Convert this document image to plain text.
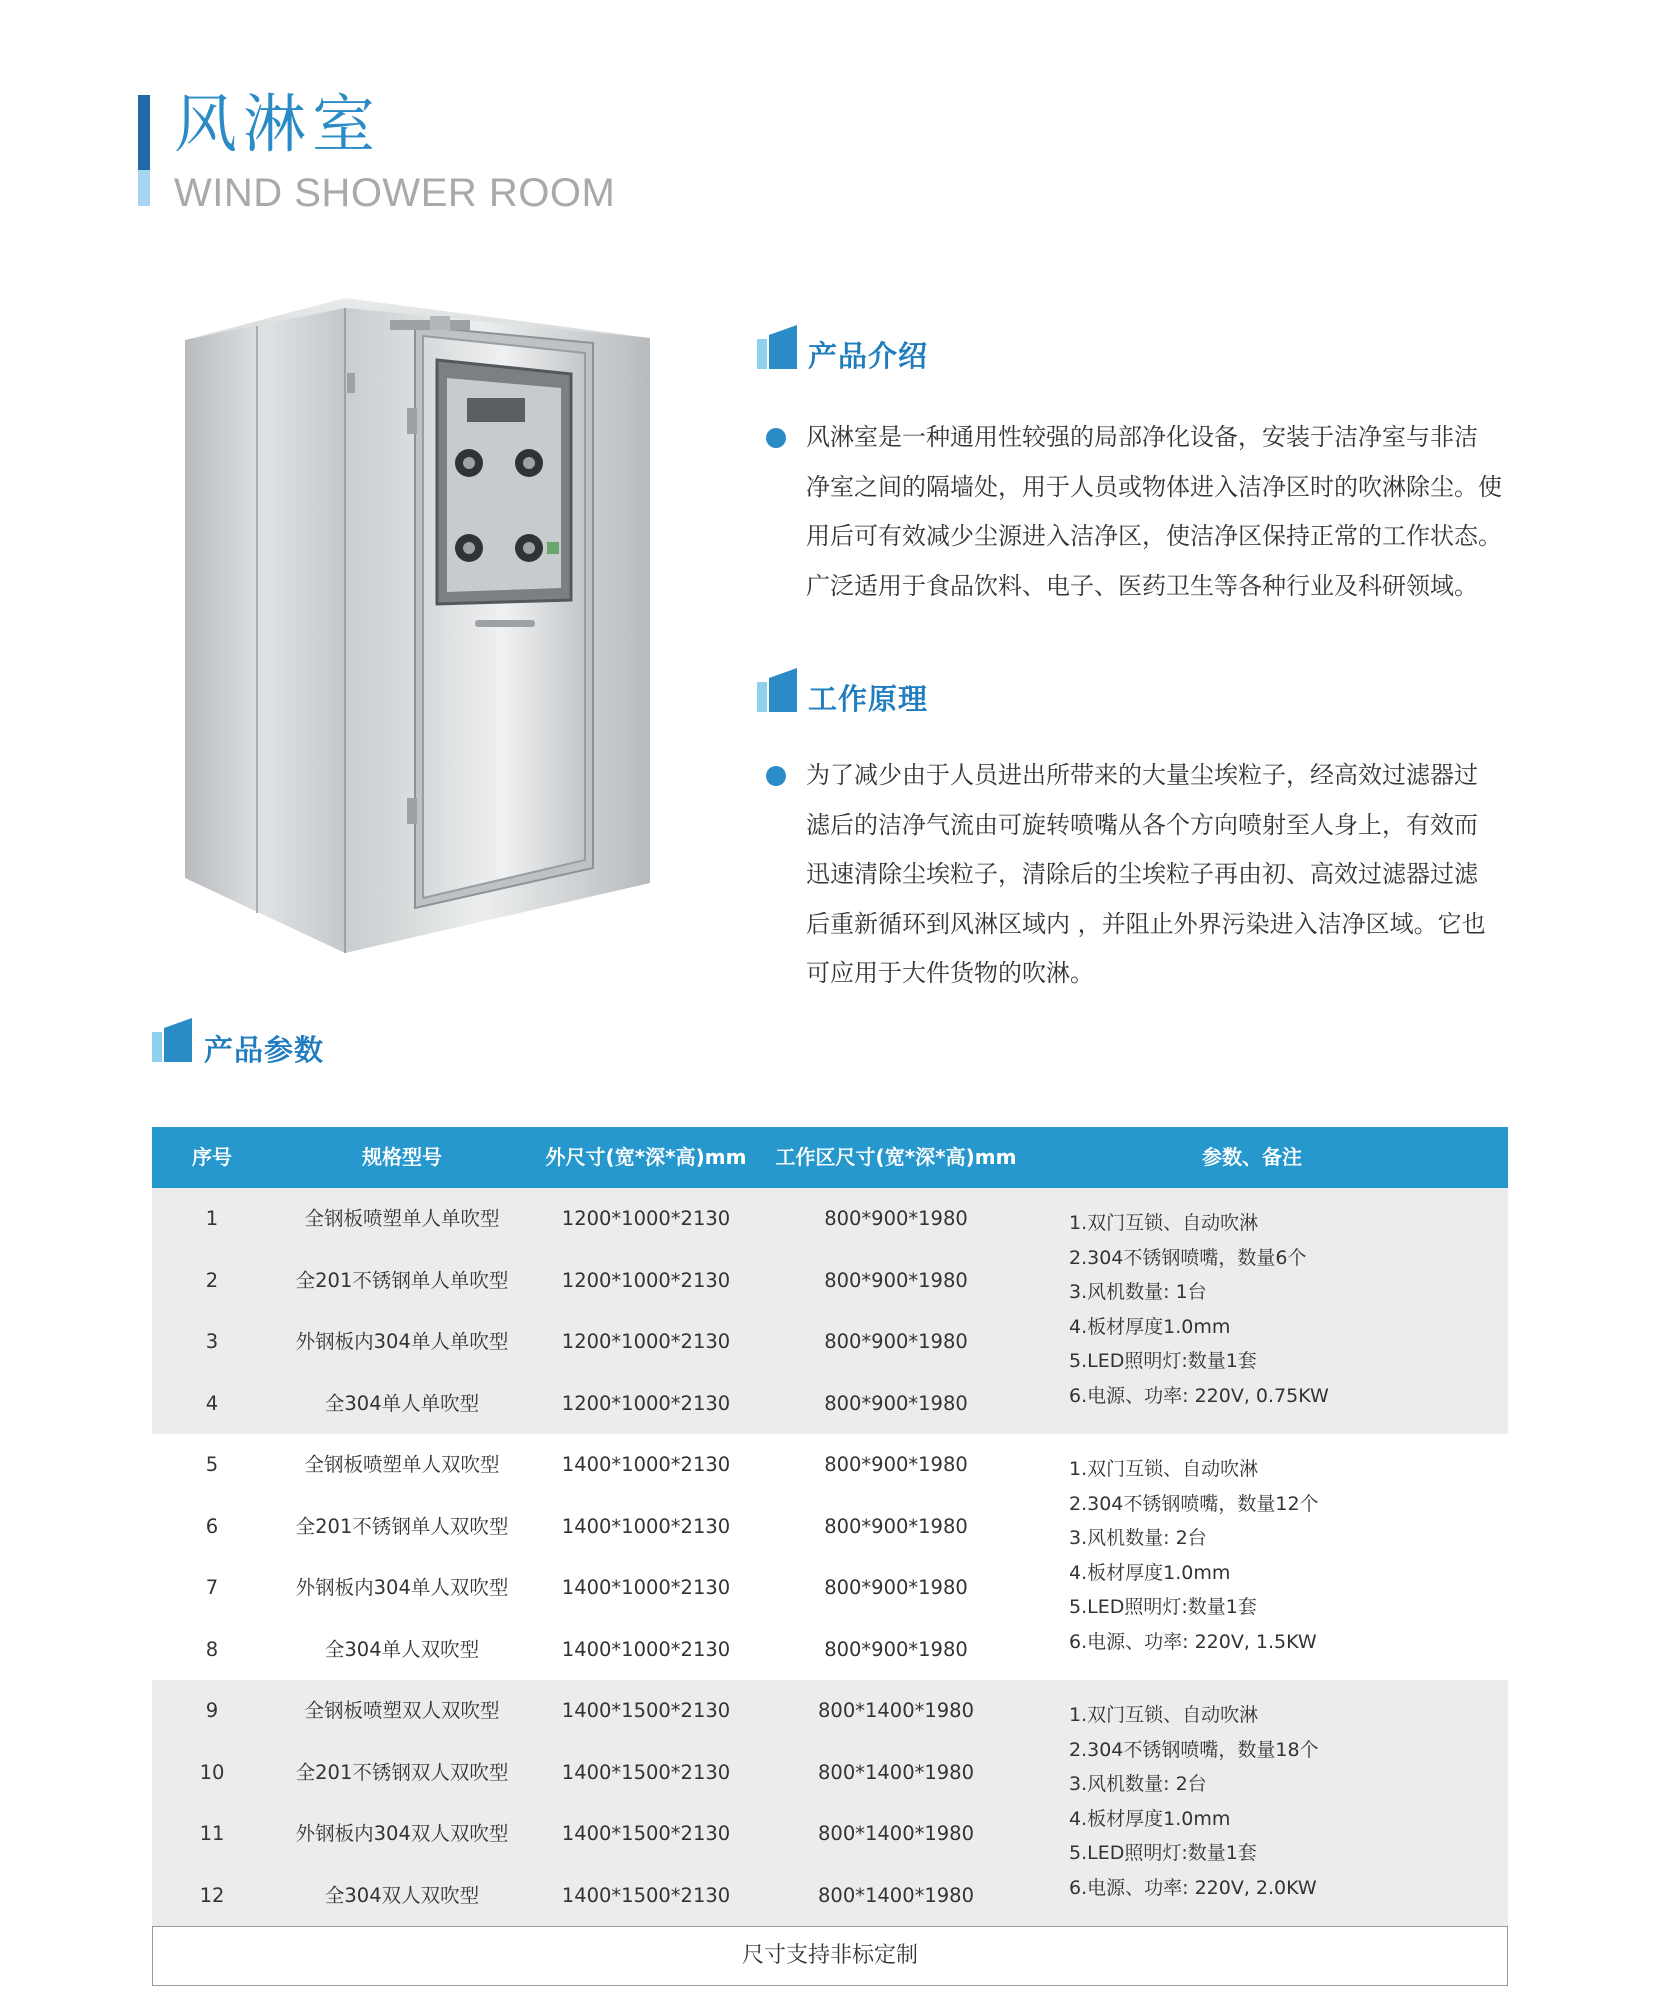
风淋室
WIND SHOWER ROOM
产品介绍
风淋室是一种通用性较强的局部净化设备，安装于洁净室与非洁
净室之间的隔墙处，用于人员或物体进入洁净区时的吹淋除尘。使
用后可有效减少尘源进入洁净区，使洁净区保持正常的工作状态。
广泛适用于食品饮料、电子、医药卫生等各种行业及科研领域。
工作原理
为了减少由于人员进出所带来的大量尘埃粒子，经高效过滤器过
滤后的洁净气流由可旋转喷嘴从各个方向喷射至人身上，有效而
迅速清除尘埃粒子，清除后的尘埃粒子再由初、高效过滤器过滤
后重新循环到风淋区域内 ，并阻止外界污染进入洁净区域。它也
可应用于大件货物的吹淋。
产品参数
序号	规格型号	外尺寸(宽*深*高)mm 工作区尺寸(宽*深*高)mm	参数、备注
1	全钢板喷塑单人单吹型	1200*1000*2130	800*900*1980
2	全201不锈钢单人单吹型	1200*1000*2130	800*900*1980
3	外钢板内304单人单吹型	1200*1000*2130	800*900*1980
4	全304单人单吹型	1200*1000*2130	800*900*1980
1.双门互锁、自动吹淋
2.304不锈钢喷嘴，数量6个
3.风机数量: 1台
4.板材厚度1.0mm
5.LED照明灯:数量1套
6.电源、功率: 220V, 0.75KW
5	全钢板喷塑单人双吹型	1400*1000*2130	800*900*1980
6	全201不锈钢单人双吹型	1400*1000*2130	800*900*1980
7	外钢板内304单人双吹型	1400*1000*2130	800*900*1980
8	全304单人双吹型	1400*1000*2130	800*900*1980
1.双门互锁、自动吹淋
2.304不锈钢喷嘴，数量12个
3.风机数量: 2台
4.板材厚度1.0mm
5.LED照明灯:数量1套
6.电源、功率: 220V, 1.5KW
9	全钢板喷塑双人双吹型	1400*1500*2130	800*1400*1980
10	全201不锈钢双人双吹型	1400*1500*2130	800*1400*1980
11	外钢板内304双人双吹型	1400*1500*2130	800*1400*1980
12	全304双人双吹型	1400*1500*2130	800*1400*1980
1.双门互锁、自动吹淋
2.304不锈钢喷嘴，数量18个
3.风机数量: 2台
4.板材厚度1.0mm
5.LED照明灯:数量1套
6.电源、功率: 220V, 2.0KW
尺寸支持非标定制
